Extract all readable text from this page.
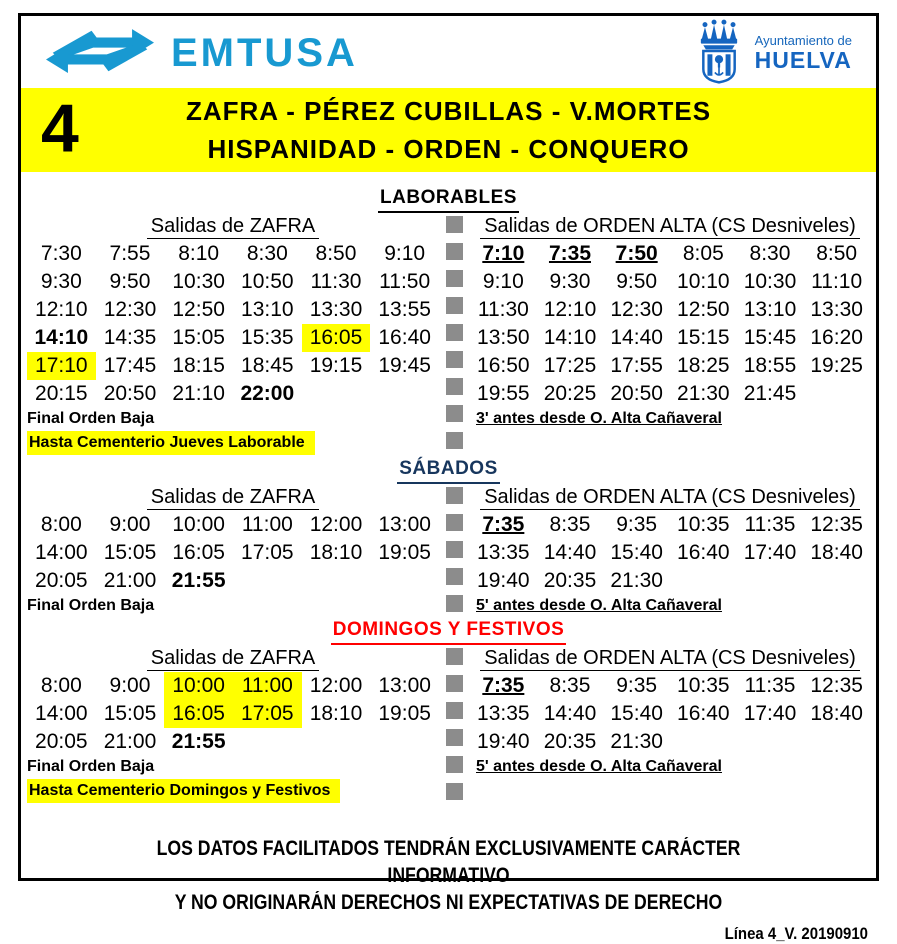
EMTUSA	Ayuntamiento de
HUELVA
4	ZAFRA - PÉREZ CUBILLAS - V.MORTES
HISPANIDAD - ORDEN - CONQUERO
LABORABLES
Salidas de ZAFRA
7:30	7:55	8:10	8:30	8:50	9:10
9:30	9:50	10:30 10:50 11:30 11:50
12:10 12:30 12:50 13:10 13:30 13:55
14:10 14:35 15:05 15:35 16:05 16:40
17:10 17:45 18:15 18:45 19:15 19:45
20:15 20:50 21:10 22:00
Final Orden Baja
Hasta Cementerio Jueves Laborable
Salidas de ORDEN ALTA (CS Desniveles)
7:10	7:35	7:50	8:05	8:30	8:50
9:10	9:30	9:50 10:10 10:30 11:10
11:30 12:10 12:30 12:50 13:10 13:30
13:50 14:10 14:40 15:15 15:45 16:20
16:50 17:25 17:55 18:25 18:55 19:25
19:55 20:25 20:50 21:30 21:45
3' antes desde O. Alta Cañaveral
SÁBADOS
Salidas de ZAFRA
8:00	9:00	10:00 11:00 12:00 13:00
14:00 15:05 16:05 17:05 18:10 19:05
20:05 21:00 21:55
Final Orden Baja
Salidas de ORDEN ALTA (CS Desniveles)
7:35	8:35	9:35 10:35 11:35 12:35
13:35 14:40 15:40 16:40 17:40 18:40
19:40 20:35 21:30
5' antes desde O. Alta Cañaveral
DOMINGOS Y FESTIVOS
Salidas de ZAFRA
8:00	9:00	10:00 11:00 12:00 13:00
14:00 15:05 16:05 17:05 18:10 19:05
20:05 21:00 21:55
Final Orden Baja
Hasta Cementerio Domingos y Festivos
Salidas de ORDEN ALTA (CS Desniveles)
7:35	8:35	9:35 10:35 11:35 12:35
13:35 14:40 15:40 16:40 17:40 18:40
19:40 20:35 21:30
5' antes desde O. Alta Cañaveral
LOS DATOS FACILITADOS TENDRÁN EXCLUSIVAMENTE CARÁCTER INFORMATIVO
Y NO ORIGINARÁN DERECHOS NI EXPECTATIVAS DE DERECHO
Línea 4_V. 20190910
